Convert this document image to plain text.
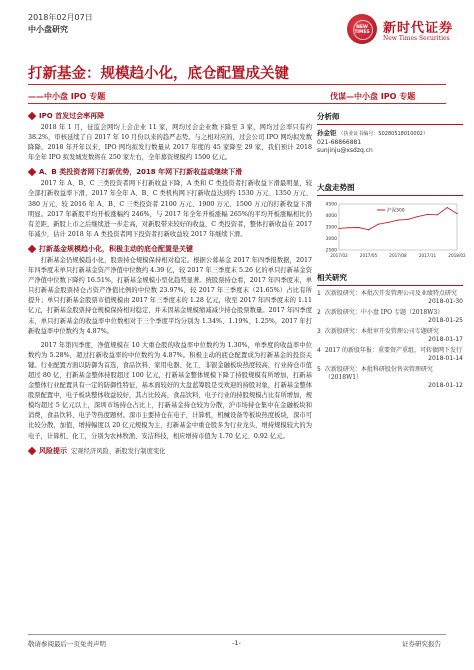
2018年02月07日
中小盘研究	NEW TIMES	新时代证券
New Times Securities
打新基金：规模趋小化，底仓配置成关键
——中小盘 IPO 专题	伐谋—中小盘 IPO 专题
IPO 首发过会率再降

2018 年 1 月，征监会网均上会企业 11 家，网均过会企业数下降至 3 家，网均过会率只有约 38.2%，审核延续了自 2017 年 10 月份以来的趋严态势。与之相对应的，过会公司 IPO 网均拟发数降降，2018 年开年以来，IPO 网均拟发行数量从 2017 年度的 45 家降至 29 家，我们预计 2018 年全年 IPO 拟发城发数将在 250 家左右，全年募资规模约 1500 亿元。

A、B 类投资者网下打新优势，2018 年网下打新收益或继续下滑

2017 年 A、B、C 三类投资者网下打新收益下降，A 类和 C 类投资者打新收益下滑最明显，较全部打新收益率下滑，2017 年全年 A、B、C 类机构网下打新收益达到约 1530 万元、1350 万元、380 万元，较 2016 年 A、B、C 三类投资者 2100 万元、1900 万元、1500 万元的打新收益下滑明显。2017 年新股平均开板涨幅约 246%，与 2017 年全年开板涨幅 265%的平均开板涨幅相比仍有差距，新股上市之后继续进一步走高，对新股带来较好的收益，C 类投资者，整体打新收益在 2017 年减少，估计 2018 年 A 类投资者网下投资者打新收益较 2017 年继续下滑。

打新基金规模趋小化，积极主动的底仓配置是关键

打新基金仍规模趋小化，股票持仓规模保持相对稳定。根据公募基金 2017 年四季报数据，2017 年四季度末单只打新基金资产净值中位数约 4.39 亿，较 2017 年三季度末 5.26 亿的单只打新基金资产净值中位数下降约 16.51%，打新基金规模小型化趋势显著。统股票持仓看，2017 年四季度末，单只打新基金股票持仓占资产净值比例的中位数 23.97%，较 2017 年三季度末（21.65%）占比有所提升；单只打新基金股票市值规模由 2017 年三季度末的 1.28 亿元，收至 2017 年四季度末的 1.11 亿元，打新基金股票持仓规模保持相对稳定，并未因基金规模缩减减少持仓股票数量。2017 年四季度末，单只打新基金的收益率中位数相对于三个季度平均分别为 1.34%、1.19%、1.25%，2017 年打新收益率中位数约为 4.87%。

2017 年第四季度，净值规模在 10 大重仓股的收益率中位数约为 1.30%，单季度的收益率中位数约为 5.28%，超过打新收益率的中位数约为 4.87%。积极主动的底仓配置成为打新基金的投资关键。行业配置方面以防御为首选，食品饮料、家用电器、化工、非银金融板块热度较高，行业持仓市值超过 80 亿，打新基金整体持股超过 100 亿元，打新基金整体规模下降了持股规模有所增加，打新基金整体行业配置具有一定的防御性特征，基本面较好的大盘蓝筹股是受欢迎的持股对象，打新基金整体股票配置中，电子板块整体收益较好，其占比较高，食品饮料、电子行业的持股规模占比有所增加，规模均超过 5 亿元以上，深圳市场持仓占比上，打新基金持仓较为分散，沪市场持仓集中在金融板块和消费，食品饮料、电子等热度题材。深市主要持仓在电子，计算机，机械设备等板块热度板块，深市可比较分散，加值，增持幅度以 20 亿元规模为主，打新基金中重仓股多为行业龙头，增持规模较大的为电子，计算机、化工，分别为农林牧渔、安洁科技，相应增持市值为 1.70 亿元、0.92 亿元。

风险提示 宏观经济风险、新股发行制度变化
分析师
孙金钜 （执业证书编号：S0280518010002）
021-68866881
sunjinju@xsdzq.cn
大盘走势图
4500
4000
3500
3000
2500
2017/02	2017/05	2017/08	2017/11	2018/02
沪深300
相关研究
1 次新股研究：本批次开发管理公司及业绩特点研究
2018-01-30
2 次新股研究：中小盘 IPO 专题（2018W3）
2018-01-25
3 次新股研究：本批审开发管理公司专题研究
2018-01-17
4 2017 的新股年报：重要资产重组、可转债网下发行
2018-01-14
5 次新股研究：本批科研股份售卖管理研究（2018W1）
2018-01-12
敬请参阅最后一页免责声明	-1-	证券研究报告
